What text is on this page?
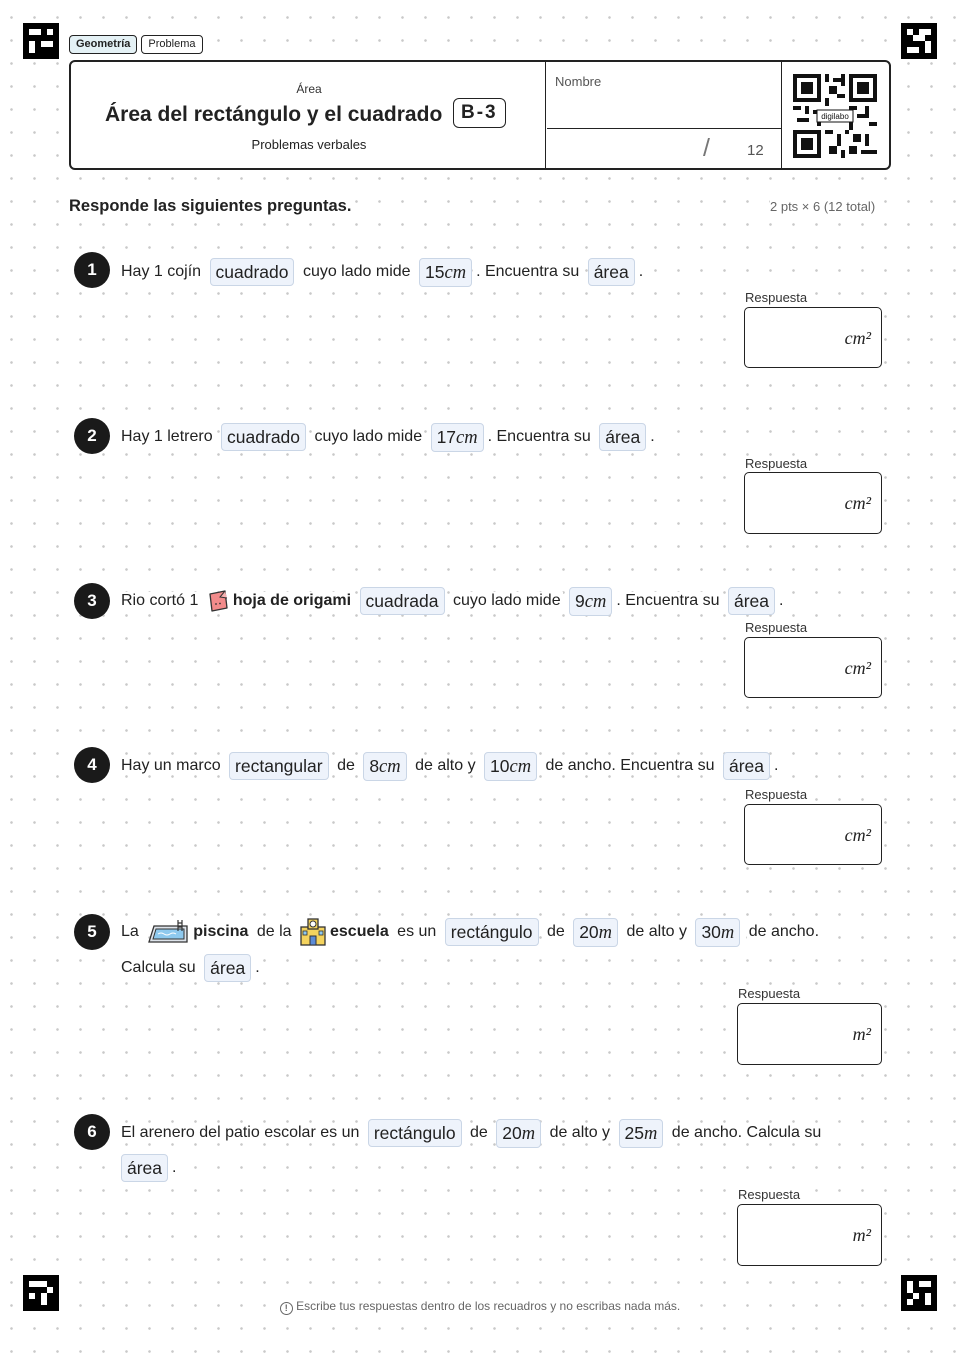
Geometría	Problema
Área
Área del rectángulo y el cuadrado B-3
Problemas verbales
Nombre
/ 12
digilabo
Responde las siguientes preguntas.	2 pts × 6 (12 total)
1	Hay 1 cojín cuadrado cuyo lado mide 15cm . Encuentra su área .
Respuesta
cm²
2	Hay 1 letrero cuadrado cuyo lado mide 17cm . Encuentra su área .
Respuesta
cm²
3	Rio cortó 1 hoja de origami cuadrada cuyo lado mide 9cm . Encuentra su área .
Respuesta
cm²
4	Hay un marco rectangular de 8cm de alto y 10cm de ancho. Encuentra su área .
Respuesta
cm²
5	La	piscina de la escuela es un rectángulo de 20m de alto y 30m de ancho.
Calcula su área .
Respuesta
m²
6	El arenero del patio escolar es un rectángulo de 20m de alto y 25m de ancho. Calcula su
área .
Respuesta
m²
! Escribe tus respuestas dentro de los recuadros y no escribas nada más.
